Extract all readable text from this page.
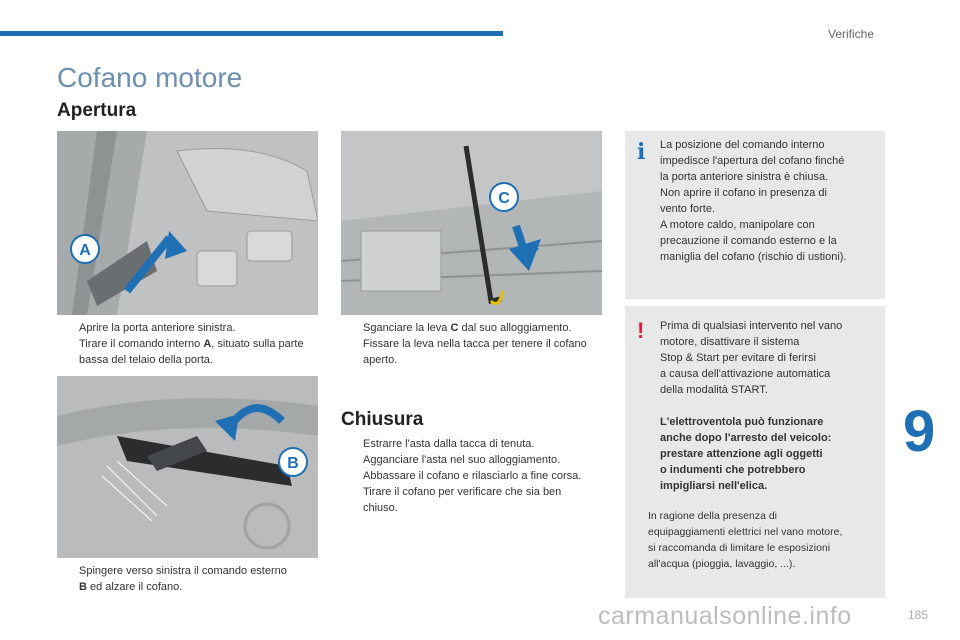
Verifiche
Cofano motore
Apertura
A
C
B
Aprire la porta anteriore sinistra.
Tirare il comando interno A, situato sulla parte bassa del telaio della porta.
Sganciare la leva C dal suo alloggiamento.
Fissare la leva nella tacca per tenere il cofano aperto.
Spingere verso sinistra il comando esterno B ed alzare il cofano.
Chiusura
Estrarre l'asta dalla tacca di tenuta.
Agganciare l'asta nel suo alloggiamento.
Abbassare il cofano e rilasciarlo a fine corsa.
Tirare il cofano per verificare che sia ben chiuso.
i La posizione del comando interno
impedisce l'apertura del cofano finché
la porta anteriore sinistra è chiusa.
Non aprire il cofano in presenza di
vento forte.
A motore caldo, manipolare con
precauzione il comando esterno e la
maniglia del cofano (rischio di ustioni).
! Prima di qualsiasi intervento nel vano
motore, disattivare il sistema
Stop & Start per evitare di ferirsi
a causa dell'attivazione automatica
della modalità START.
L'elettroventola può funzionare
anche dopo l'arresto del veicolo:
prestare attenzione agli oggetti
o indumenti che potrebbero
impigliarsi nell'elica.
In ragione della presenza di
equipaggiamenti elettrici nel vano motore,
si raccomanda di limitare le esposizioni
all'acqua (pioggia, lavaggio, ...).
9
185
carmanualsonline.info
